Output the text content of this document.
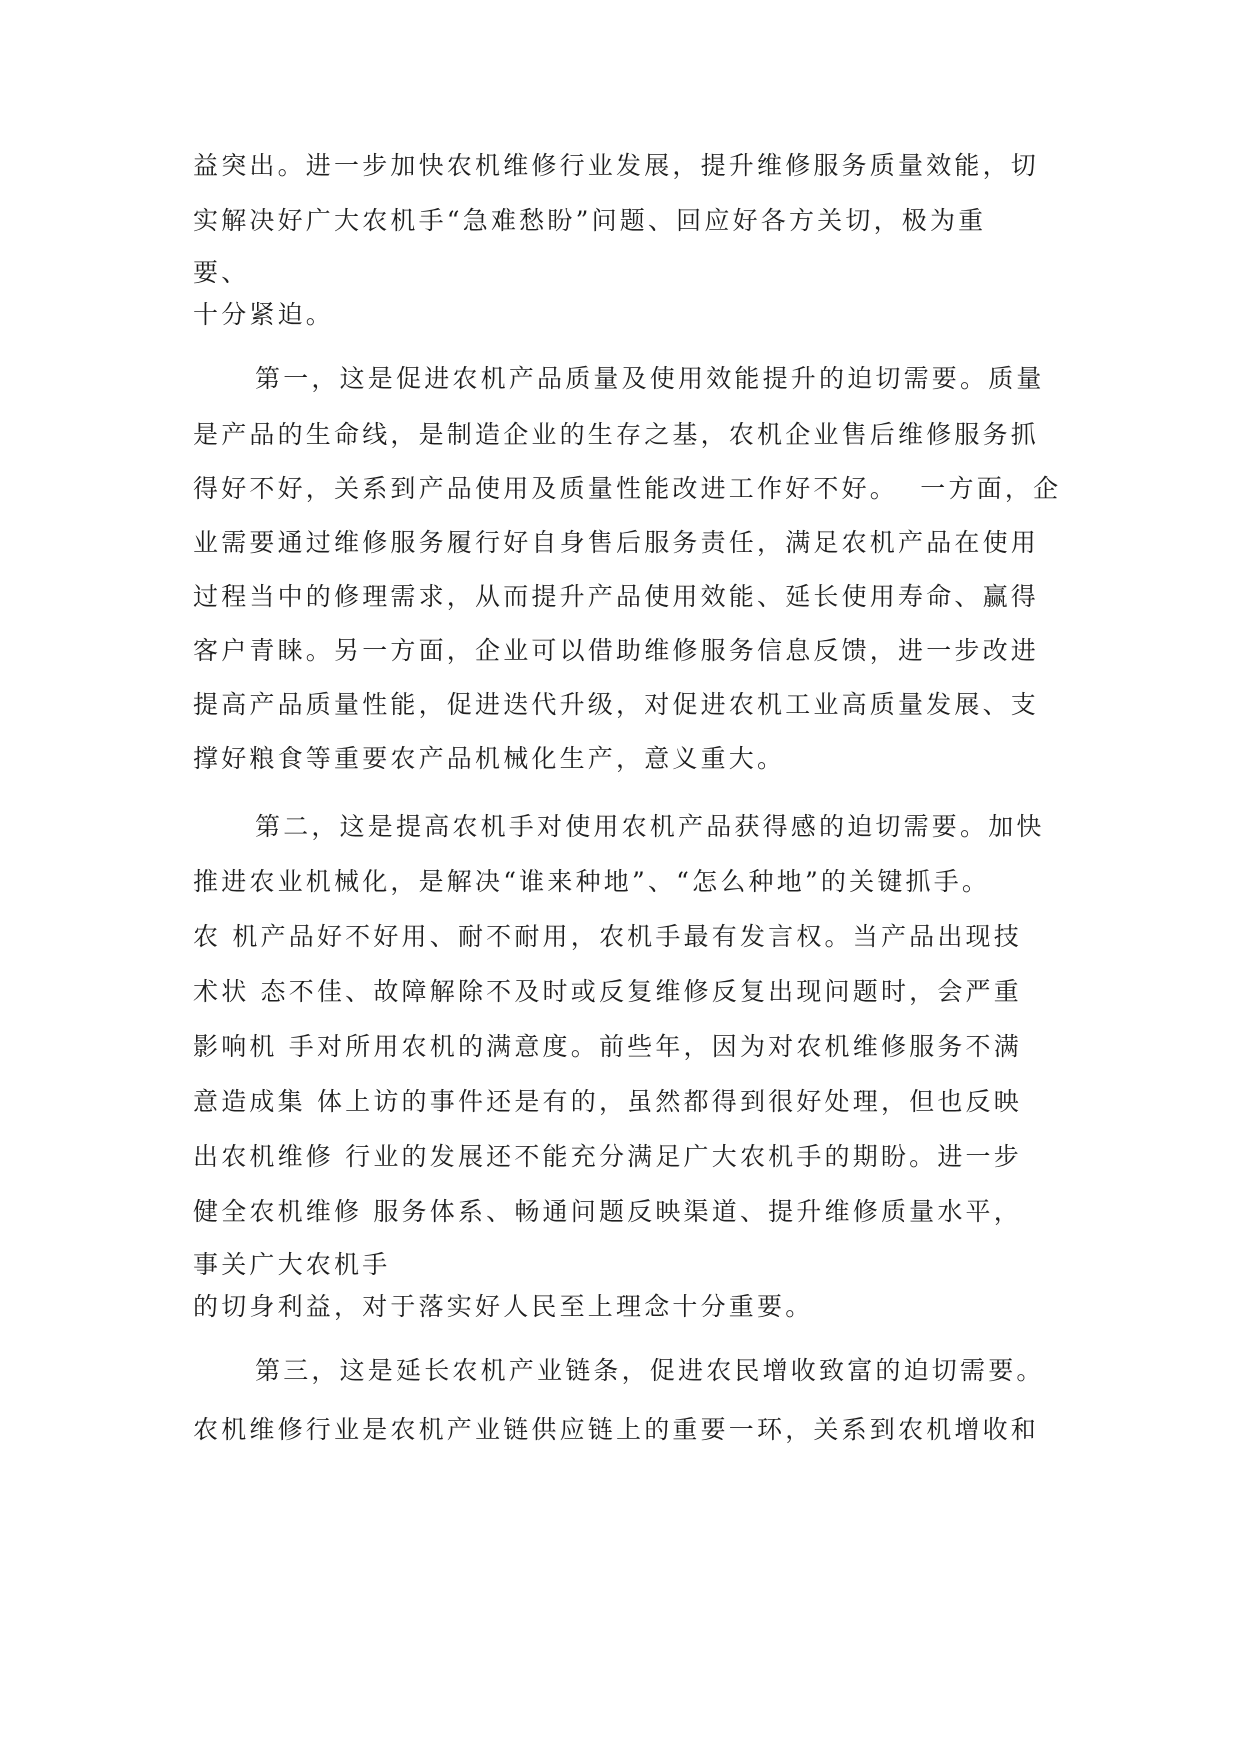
益突出。进一步加快农机维修行业发展，提升维修服务质量效能，切
实解决好广大农机手“急难愁盼”问题、回应好各方关切，极为重
要、
十分紧迫。
第一，这是促进农机产品质量及使用效能提升的迫切需要。质量
是产品的生命线，是制造企业的生存之基，农机企业售后维修服务抓
得好不好，关系到产品使用及质量性能改进工作好不好。  一方面，企
业需要通过维修服务履行好自身售后服务责任，满足农机产品在使用
过程当中的修理需求，从而提升产品使用效能、延长使用寿命、赢得
客户青睐。另一方面，企业可以借助维修服务信息反馈，进一步改进
提高产品质量性能，促进迭代升级，对促进农机工业高质量发展、支
撑好粮食等重要农产品机械化生产，意义重大。
第二，这是提高农机手对使用农机产品获得感的迫切需要。加快
推进农业机械化，是解决“谁来种地”、“怎么种地”的关键抓手。
农 机产品好不好用、耐不耐用，农机手最有发言权。当产品出现技
术状 态不佳、故障解除不及时或反复维修反复出现问题时，会严重
影响机 手对所用农机的满意度。前些年，因为对农机维修服务不满
意造成集 体上访的事件还是有的，虽然都得到很好处理，但也反映
出农机维修 行业的发展还不能充分满足广大农机手的期盼。进一步
健全农机维修 服务体系、畅通问题反映渠道、提升维修质量水平，
事关广大农机手
的切身利益，对于落实好人民至上理念十分重要。
第三，这是延长农机产业链条，促进农民增收致富的迫切需要。
农机维修行业是农机产业链供应链上的重要一环，关系到农机增收和
